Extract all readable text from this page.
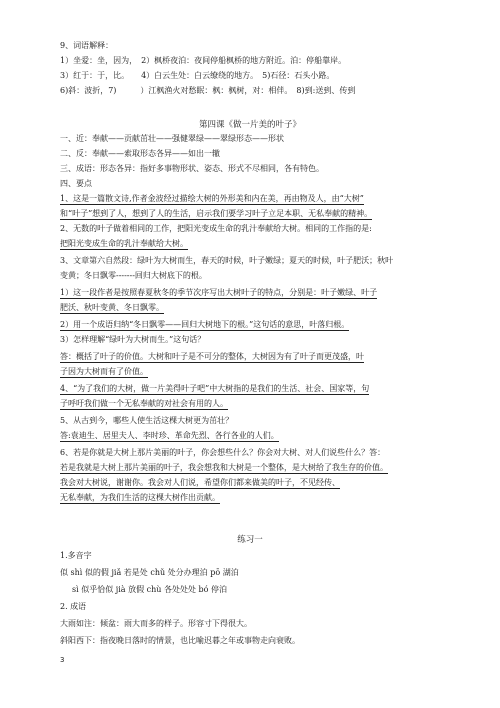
9、词语解释：
1）坐爱：坐，因为，　2）枫桥夜泊：夜间停船枫桥的地方附近。泊：停船靠岸。
3）红于：于，比。　　4）白云生处：白云缭绕的地方。　5)石径：石头小路。
6)斜：波折，7)　　　）江枫渔火对愁眠：枫：枫树，对：相伴。　8)到:送到、传到
第四课《做一片美的叶子》
一、近：奉献——贡献茁壮——强健翠绿——翠绿形态——形状
二、反：奉献——索取形态各异——如出一辙
三、成语：形态各异：指好多事物形状、姿态、形式不尽相同，各有特色。
四、要点
1、这是一篇散文诗,作者金波经过描绘大树的外形美和内在美，再由物及人，由“大树”
和“叶子”想到了人，想到了人的生活，启示我们要学习叶子立足本职、无私奉献的精神。
2、无数的叶子做着相同的工作，把阳光变成生命的乳汁奉献给大树。相同的工作指的是:
把阳光变成生命的乳汁奉献给大树。
3、文章第六自然段：绿叶为大树而生，春天的时候，叶子嫩绿；夏天的时候，叶子肥沃；秋叶
变黄；冬日飘零-------回归大树底下的根。
1）这一段作者是按照春夏秋冬的季节次序写出大树叶子的特点，分别是：叶子嫩绿、叶子
肥沃、秋叶变黄、冬日飘零。
2）用一个成语归纳“冬日飘零——回归大树地下的根。”这句话的意思，叶落归根。
3）怎样理解“绿叶为大树而生。”这句话？
答：概括了叶子的价值。大树和叶子是不可分的整体，大树因为有了叶子而更茂盛，叶
子因为大树而有了价值。
4、“为了我们的大树，做一片美得叶子吧”中大树指的是我们的生活、社会、国家等，句
子呼吁我们做一个无私奉献的对社会有用的人。
5、从古到今，哪些人使生活这棵大树更为茁壮？
答:袁迪生、居里夫人、李时珍、革命先烈、各行各业的人们。
6、若是你就是大树上那片美丽的叶子，你会想些什么？你会对大树、对人们说些什么？答：
若是我就是大树上那片美丽的叶子，我会想我和大树是一个整体，是大树给了我生存的价值。
我会对大树说，谢谢你。我会对人们说，希望你们都来做美的叶子，不见经传、
无私奉献，为我们生活的这棵大树作出贡献。
练习一
1.多音字
似 shì 似的假 jiǎ 若是处 chǔ 处分办理泊 pō 湖泊
sì 似乎恰似 jià 放假 chù 各处处处 bó 停泊
2. 成语
大雨如注：倾盆：雨大而多的样子。形容寸下得很大。
斜阳西下：指夜晚日落时的情景，也比喻迟暮之年或事物走向衰败。
3
